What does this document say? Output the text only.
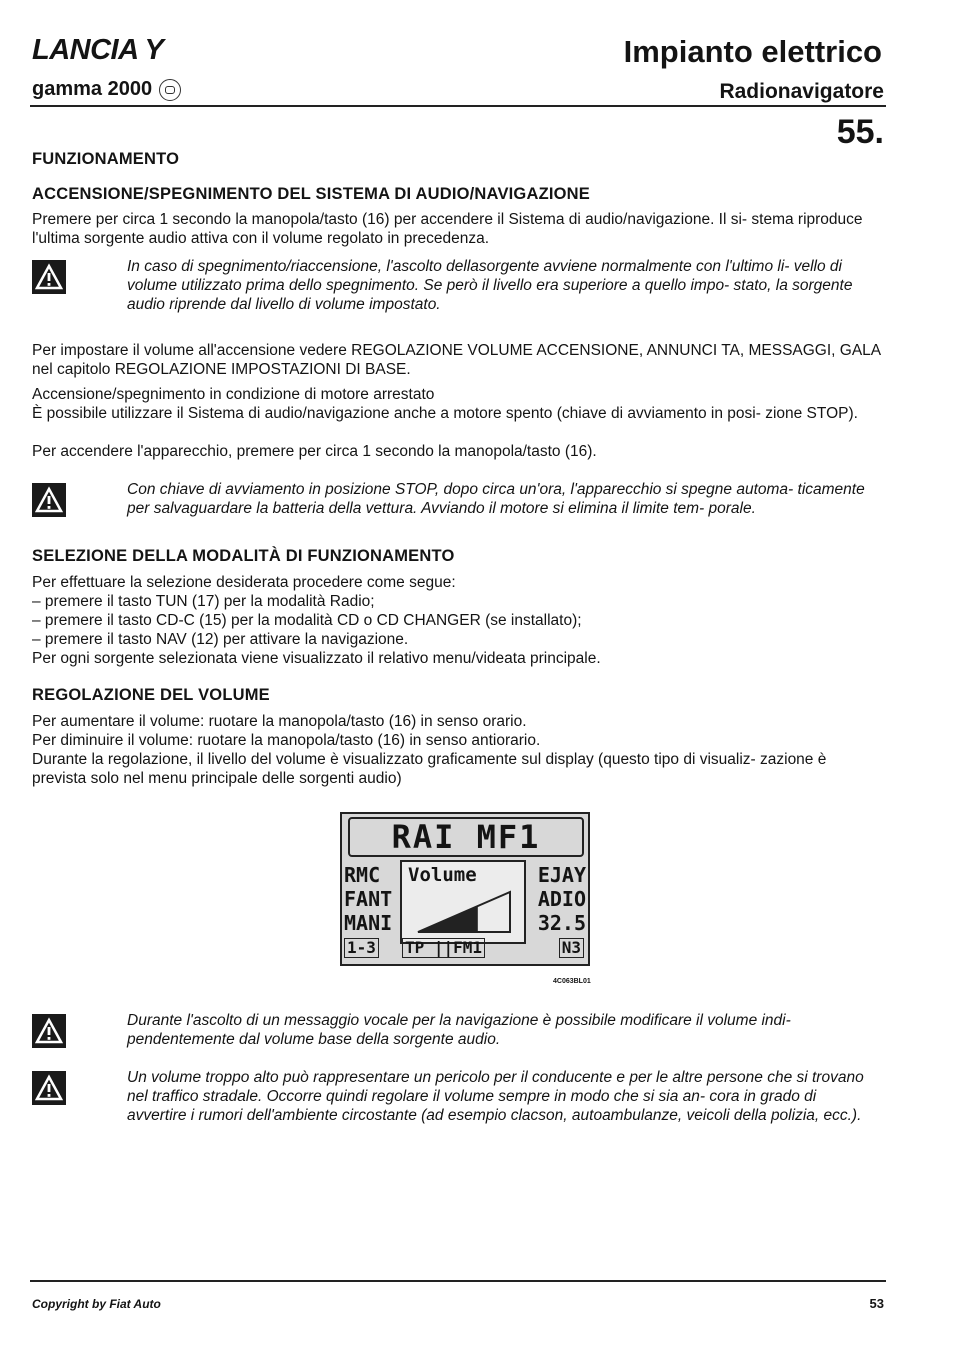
LANCIA Y
gamma 2000
Impianto elettrico
Radionavigatore
55.
FUNZIONAMENTO
ACCENSIONE/SPEGNIMENTO DEL SISTEMA DI AUDIO/NAVIGAZIONE

Premere per circa 1 secondo la manopola/tasto (16) per accendere il Sistema di audio/navigazione. Il si- stema riproduce l'ultima sorgente audio attiva con il volume regolato in precedenza.

In caso di spegnimento/riaccensione, l'ascolto dellasorgente avviene normalmente con l'ultimo li- vello di volume utilizzato prima dello spegnimento. Se però il livello era superiore a quello impo- stato, la sorgente audio riprende dal livello di volume impostato.

Per impostare il volume all'accensione vedere REGOLAZIONE VOLUME ACCENSIONE, ANNUNCI TA, MESSAGGI, GALA nel capitolo REGOLAZIONE IMPOSTAZIONI DI BASE.

Accensione/spegnimento in condizione di motore arrestato

È possibile utilizzare il Sistema di audio/navigazione anche a motore spento (chiave di avviamento in posi- zione STOP).

Per accendere l'apparecchio, premere per circa 1 secondo la manopola/tasto (16).

Con chiave di avviamento in posizione STOP, dopo circa un'ora, l'apparecchio si spegne automa- ticamente per salvaguardare la batteria della vettura. Avviando il motore si elimina il limite tem- porale.
SELEZIONE DELLA MODALITÀ DI FUNZIONAMENTO

Per effettuare la selezione desiderata procedere come segue:

– premere il tasto TUN (17) per la modalità Radio;

– premere il tasto CD-C (15) per la modalità CD o CD CHANGER (se installato);

– premere il tasto NAV (12) per attivare la navigazione.

Per ogni sorgente selezionata viene visualizzato il relativo menu/videata principale.

REGOLAZIONE DEL VOLUME

Per aumentare il volume: ruotare la manopola/tasto (16) in senso orario.

Per diminuire il volume: ruotare la manopola/tasto (16) in senso antiorario.

Durante la regolazione, il livello del volume è visualizzato graficamente sul display (questo tipo di visualiz- zazione è prevista solo nel menu principale delle sorgenti audio)

RAI MF1
RMC
FANT
MANI
EJAY
ADIO
32.5
Volume
1-3 TP ||FM1	N3
4C063BL01
Durante l'ascolto di un messaggio vocale per la navigazione è possibile modificare il volume indi- pendentemente dal volume base della sorgente audio.
Un volume troppo alto può rappresentare un pericolo per il conducente e per le altre persone che si trovano nel traffico stradale. Occorre quindi regolare il volume sempre in modo che si sia an- cora in grado di avvertire i rumori dell'ambiente circostante (ad esempio clacson, autoambulanze, veicoli della polizia, ecc.).
Copyright by Fiat Auto	53
